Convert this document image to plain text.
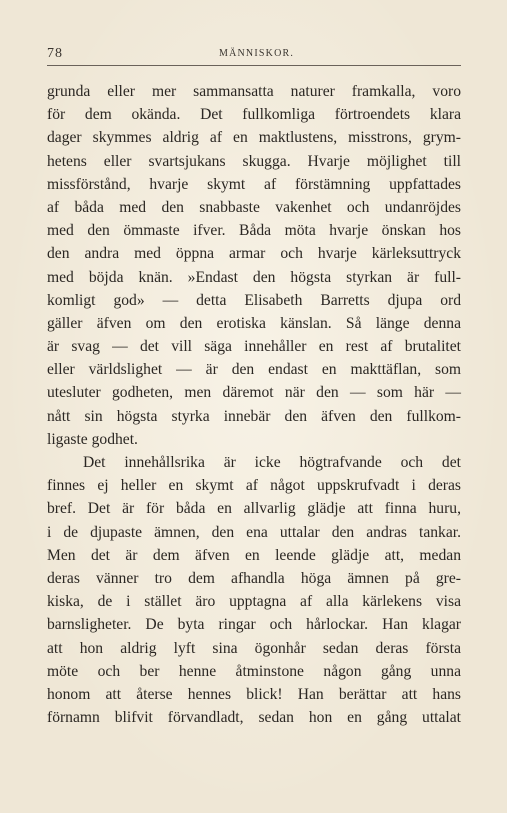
78	MÄNNISKOR.
grunda eller mer sammansatta naturer framkalla, voro
för dem okända. Det fullkomliga förtroendets klara
dager skymmes aldrig af en maktlustens, misstrons, grym-
hetens eller svartsjukans skugga. Hvarje möjlighet till
missförstånd, hvarje skymt af förstämning uppfattades
af båda med den snabbaste vakenhet och undanröjdes
med den ömmaste ifver. Båda möta hvarje önskan hos
den andra med öppna armar och hvarje kärleksuttryck
med böjda knän. »Endast den högsta styrkan är full-
komligt god» — detta Elisabeth Barretts djupa ord
gäller äfven om den erotiska känslan. Så länge denna
är svag — det vill säga innehåller en rest af brutalitet
eller världslighet — är den endast en makttäflan, som
utesluter godheten, men däremot när den — som här —
nått sin högsta styrka innebär den äfven den fullkom-
ligaste godhet.
Det innehållsrika är icke högtrafvande och det
finnes ej heller en skymt af något uppskrufvadt i deras
bref. Det är för båda en allvarlig glädje att finna huru,
i de djupaste ämnen, den ena uttalar den andras tankar.
Men det är dem äfven en leende glädje att, medan
deras vänner tro dem afhandla höga ämnen på gre-
kiska, de i stället äro upptagna af alla kärlekens visa
barnsligheter. De byta ringar och hårlockar. Han klagar
att hon aldrig lyft sina ögonhår sedan deras första
möte och ber henne åtminstone någon gång unna
honom att återse hennes blick! Han berättar att hans
förnamn blifvit förvandladt, sedan hon en gång uttalat
